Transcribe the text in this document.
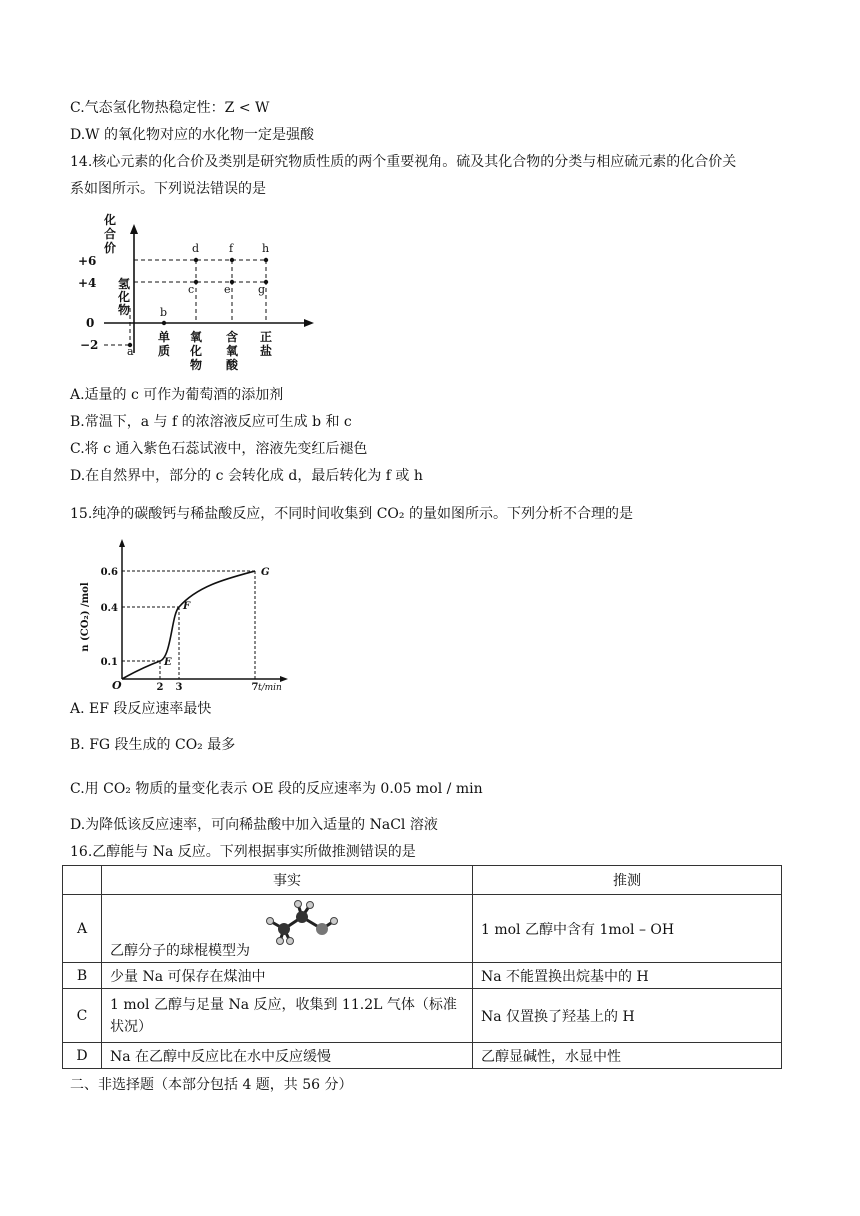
C.气态氢化物热稳定性：Z < W
D.W 的氧化物对应的水化物一定是强酸
14.核心元素的化合价及类别是研究物质性质的两个重要视角。硫及其化合物的分类与相应硫元素的化合价关
系如图所示。下列说法错误的是
化
合
价
+6
+4
0
−2
氢
化
物
a
b
c
d
e
f
g
h
单
质
氧
化
物
含
氧
酸
正
盐
A.适量的 c 可作为葡萄酒的添加剂
B.常温下，a 与 f 的浓溶液反应可生成 b 和 c
C.将 c 通入紫色石蕊试液中，溶液先变红后褪色
D.在自然界中，部分的 c 会转化成 d，最后转化为 f 或 h
15.纯净的碳酸钙与稀盐酸反应，不同时间收集到 CO₂ 的量如图所示。下列分析不合理的是
n (CO₂) /mol
t/min
O
E
F
G
2 3	7
0.1
0.4
0.6
A. EF 段反应速率最快
B. FG 段生成的 CO₂ 最多
C.用 CO₂ 物质的量变化表示 OE 段的反应速率为 0.05 mol / min
D.为降低该反应速率，可向稀盐酸中加入适量的 NaCl 溶液
16.乙醇能与 Na 反应。下列根据事实所做推测错误的是
	事实	推测
A	乙醇分子的球棍模型为	1 mol 乙醇中含有 1mol – OH
B	少量 Na 可保存在煤油中	Na 不能置换出烷基中的 H
C	1 mol 乙醇与足量 Na 反应，收集到 11.2L 气体（标准状况）	Na 仅置换了羟基上的 H
D	Na 在乙醇中反应比在水中反应缓慢	乙醇显碱性，水显中性
二、非选择题（本部分包括 4 题，共 56 分）
